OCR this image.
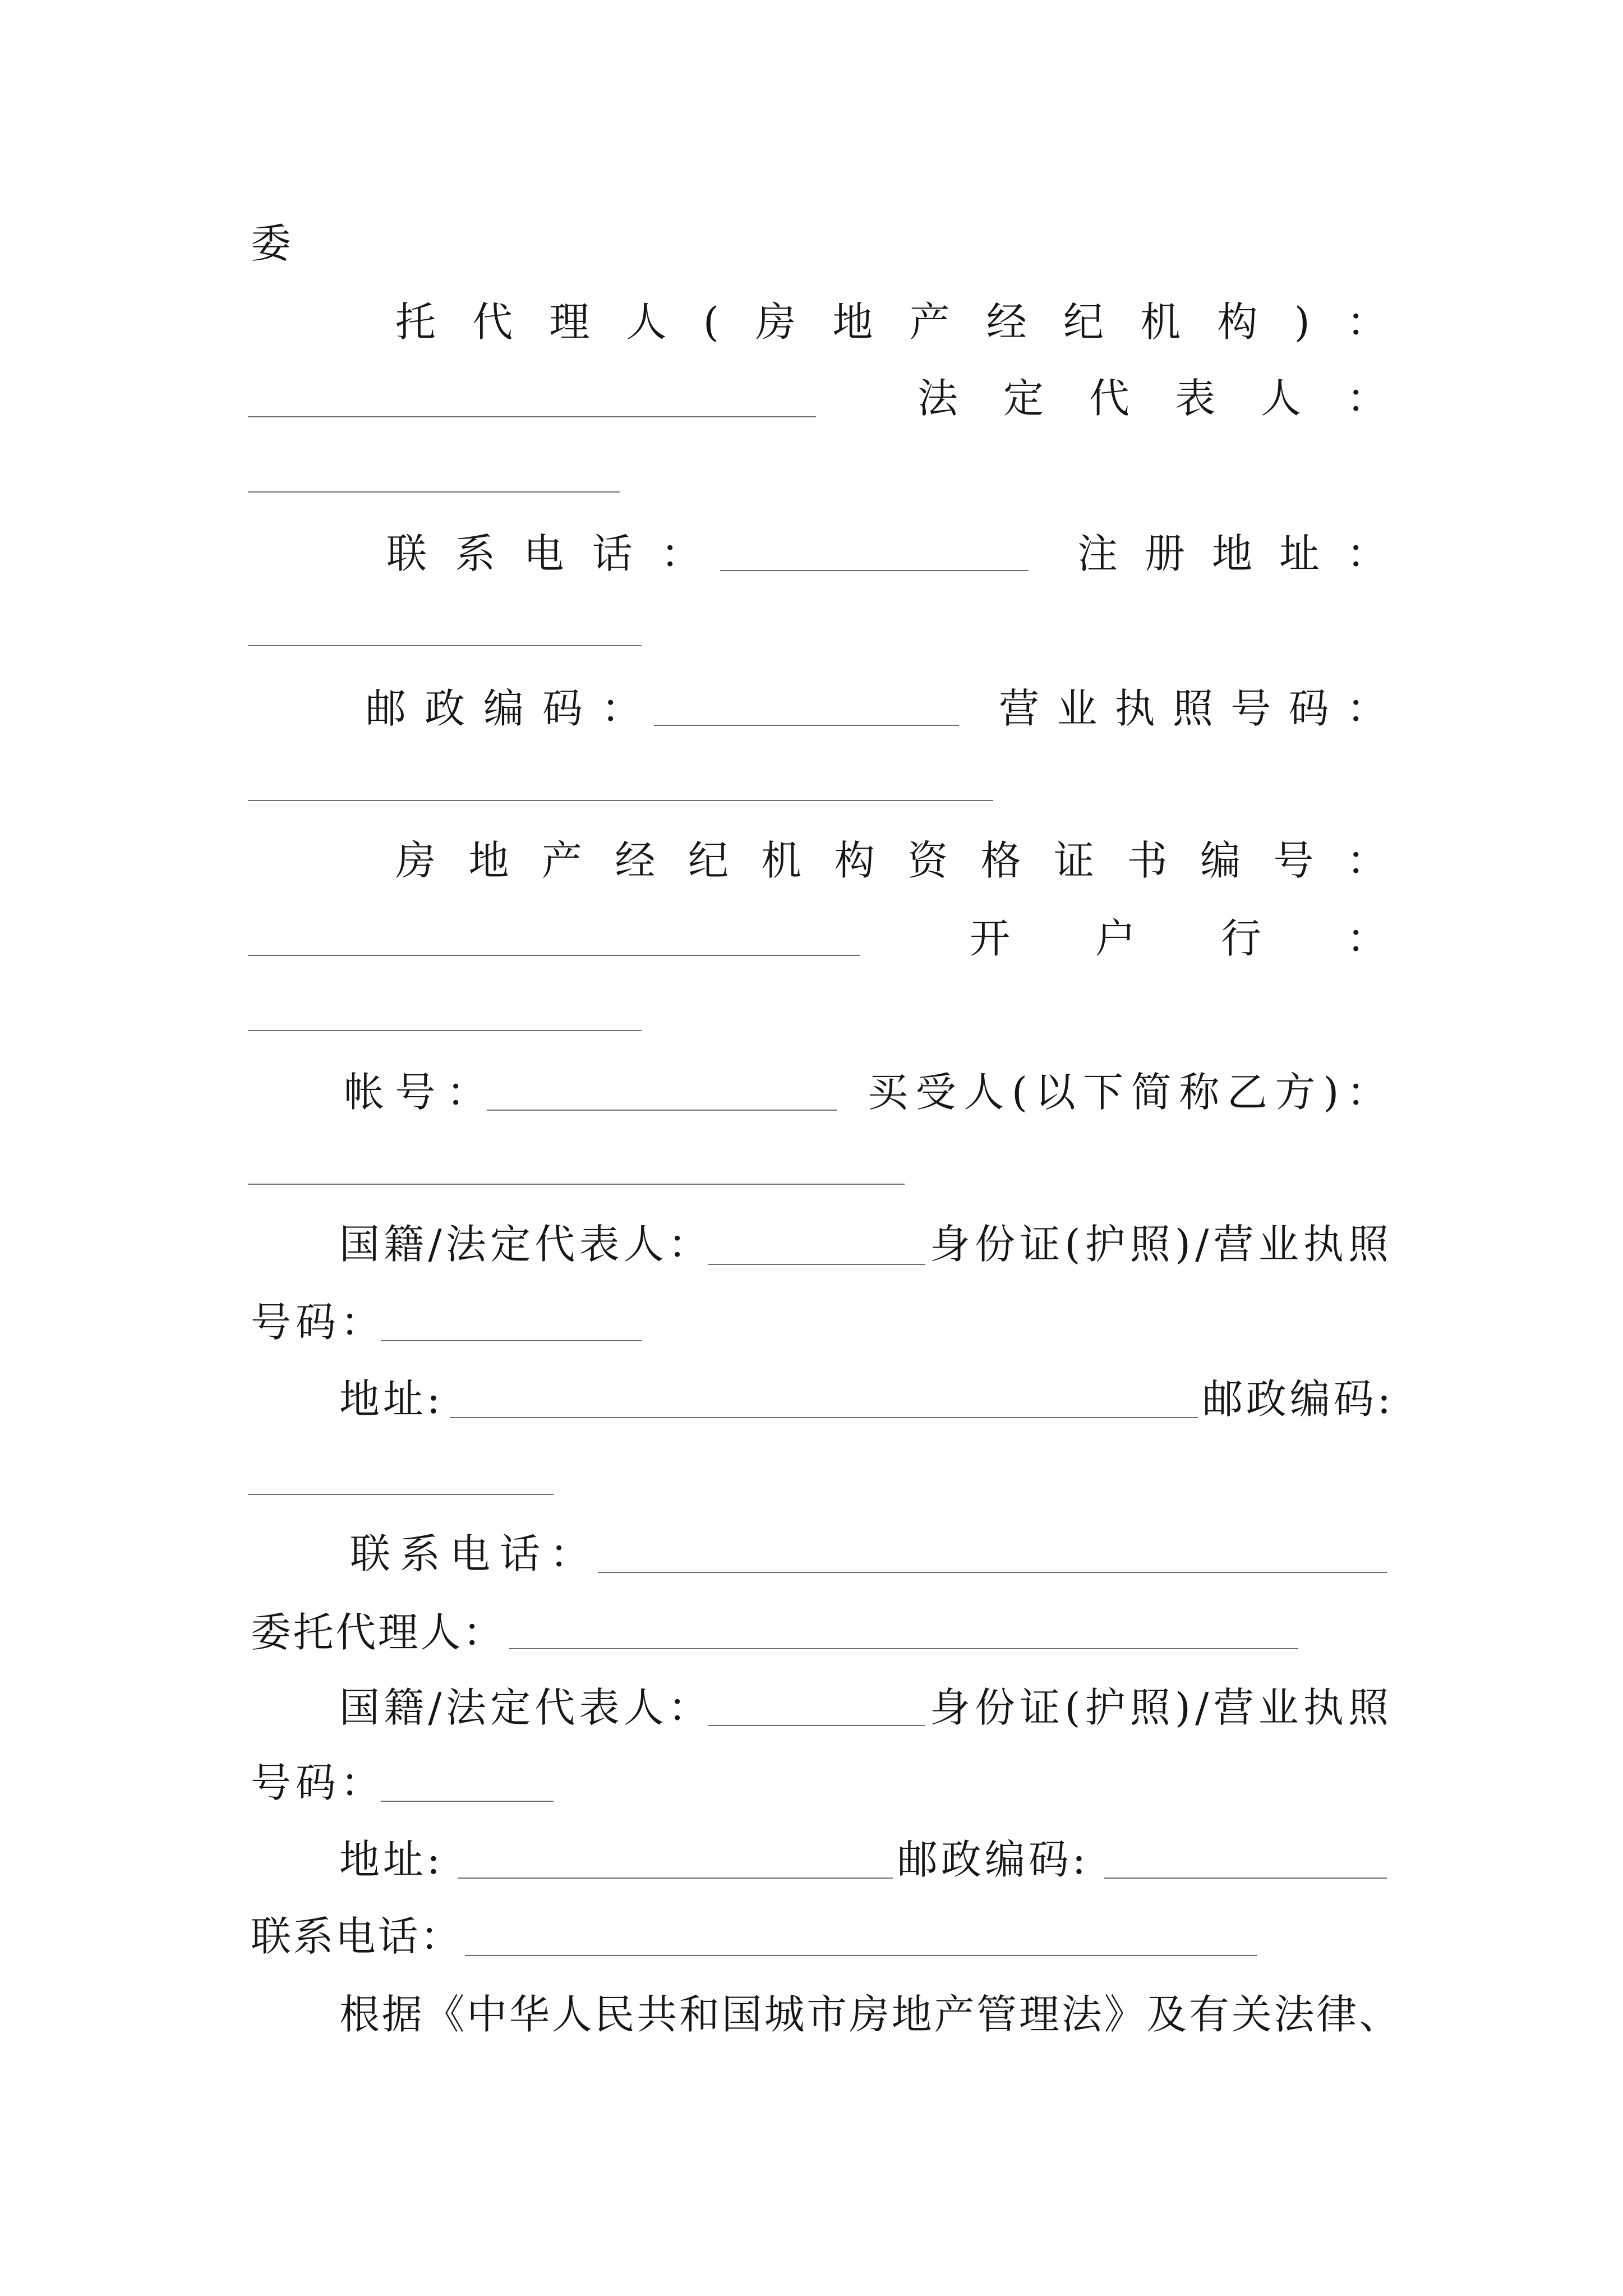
委
托代理人(房地产经纪机构)：
法定代表人：
联系电话：	注册地址：
邮政编码：	营业执照号码：
房地产经纪机构资格证书编号：
开户行：
帐号：	买受人(以下简称乙方)：
国籍/法定代表人：	身份证(护照)/营业执照
号码：
地址:	邮政编码:
联系电话：
委托代理人：
国籍/法定代表人：	身份证(护照)/营业执照
号码：
地址:	邮政编码:
联系电话：
根据《中华人民共和国城市房地产管理法》及有关法律、
